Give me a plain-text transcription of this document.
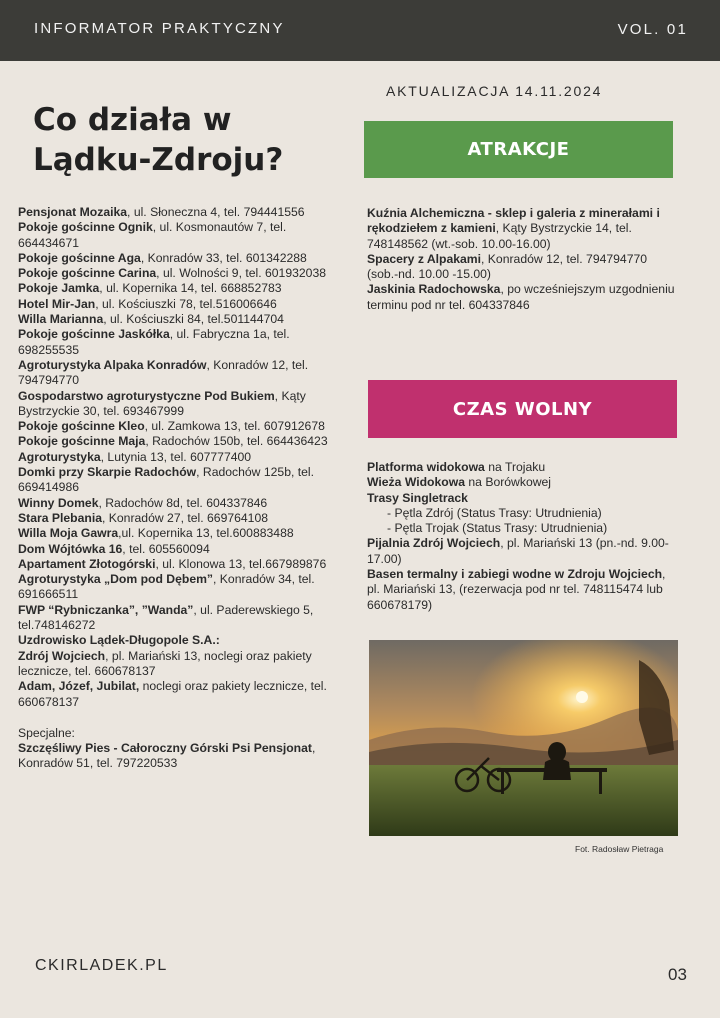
INFORMATOR PRAKTYCZNY	VOL. 01
AKTUALIZACJA 14.11.2024
Co działa w Lądku-Zdroju?	ATRAKCJE
Pensjonat Mozaika, ul. Słoneczna 4, tel. 794441556
Pokoje gościnne Ognik, ul. Kosmonautów 7, tel. 664434671
Pokoje gościnne Aga, Konradów 33, tel. 601342288
Pokoje gościnne Carina, ul. Wolności 9, tel. 601932038
Pokoje Jamka, ul. Kopernika 14, tel. 668852783
Hotel Mir-Jan, ul. Kościuszki 78, tel.516006646
Willa Marianna, ul. Kościuszki 84, tel.501144704
Pokoje gościnne Jaskółka, ul. Fabryczna 1a, tel. 698255535
Agroturystyka Alpaka Konradów, Konradów 12, tel. 794794770
Gospodarstwo agroturystyczne Pod Bukiem, Kąty Bystrzyckie 30, tel. 693467999
Pokoje gościnne Kleo, ul. Zamkowa 13, tel. 607912678
Pokoje gościnne Maja, Radochów 150b, tel. 664436423
Agroturystyka, Lutynia 13, tel. 607777400
Domki przy Skarpie Radochów, Radochów 125b, tel. 669414986
Winny Domek, Radochów 8d, tel. 604337846
Stara Plebania, Konradów 27, tel. 669764108
Willa Moja Gawra,ul. Kopernika 13, tel.600883488
Dom Wójtówka 16, tel. 605560094
Apartament Złotogórski, ul. Klonowa 13, tel.667989876
Agroturystyka „Dom pod Dębem”, Konradów 34, tel. 691666511
FWP “Rybniczanka”, ”Wanda”, ul. Paderewskiego 5, tel.748146272
Uzdrowisko Lądek-Długopole S.A.:
Zdrój Wojciech, pl. Mariański 13, noclegi oraz pakiety lecznicze, tel. 660678137
Adam, Józef, Jubilat, noclegi oraz pakiety lecznicze, tel. 660678137
Specjalne:
Szczęśliwy Pies - Całoroczny Górski Psi Pensjonat, Konradów 51, tel. 797220533
Kuźnia Alchemiczna - sklep i galeria z minerałami i rękodziełem z kamieni, Kąty Bystrzyckie 14, tel. 748148562 (wt.-sob. 10.00-16.00)
Spacery z Alpakami, Konradów 12, tel. 794794770 (sob.-nd. 10.00 -15.00)
Jaskinia Radochowska, po wcześniejszym uzgodnieniu terminu pod nr tel. 604337846
CZAS WOLNY
Platforma widokowa na Trojaku
Wieża Widokowa na Borówkowej
Trasy Singletrack
- Pętla Zdrój (Status Trasy: Utrudnienia)
- Pętla Trojak (Status Trasy: Utrudnienia)
Pijalnia Zdrój Wojciech, pl. Mariański 13 (pn.-nd. 9.00-17.00)
Basen termalny i zabiegi wodne w Zdroju Wojciech, pl. Mariański 13, (rezerwacja pod nr tel. 748115474 lub 660678179)
Fot. Radosław Pietraga
CKIRLADEK.PL	03
